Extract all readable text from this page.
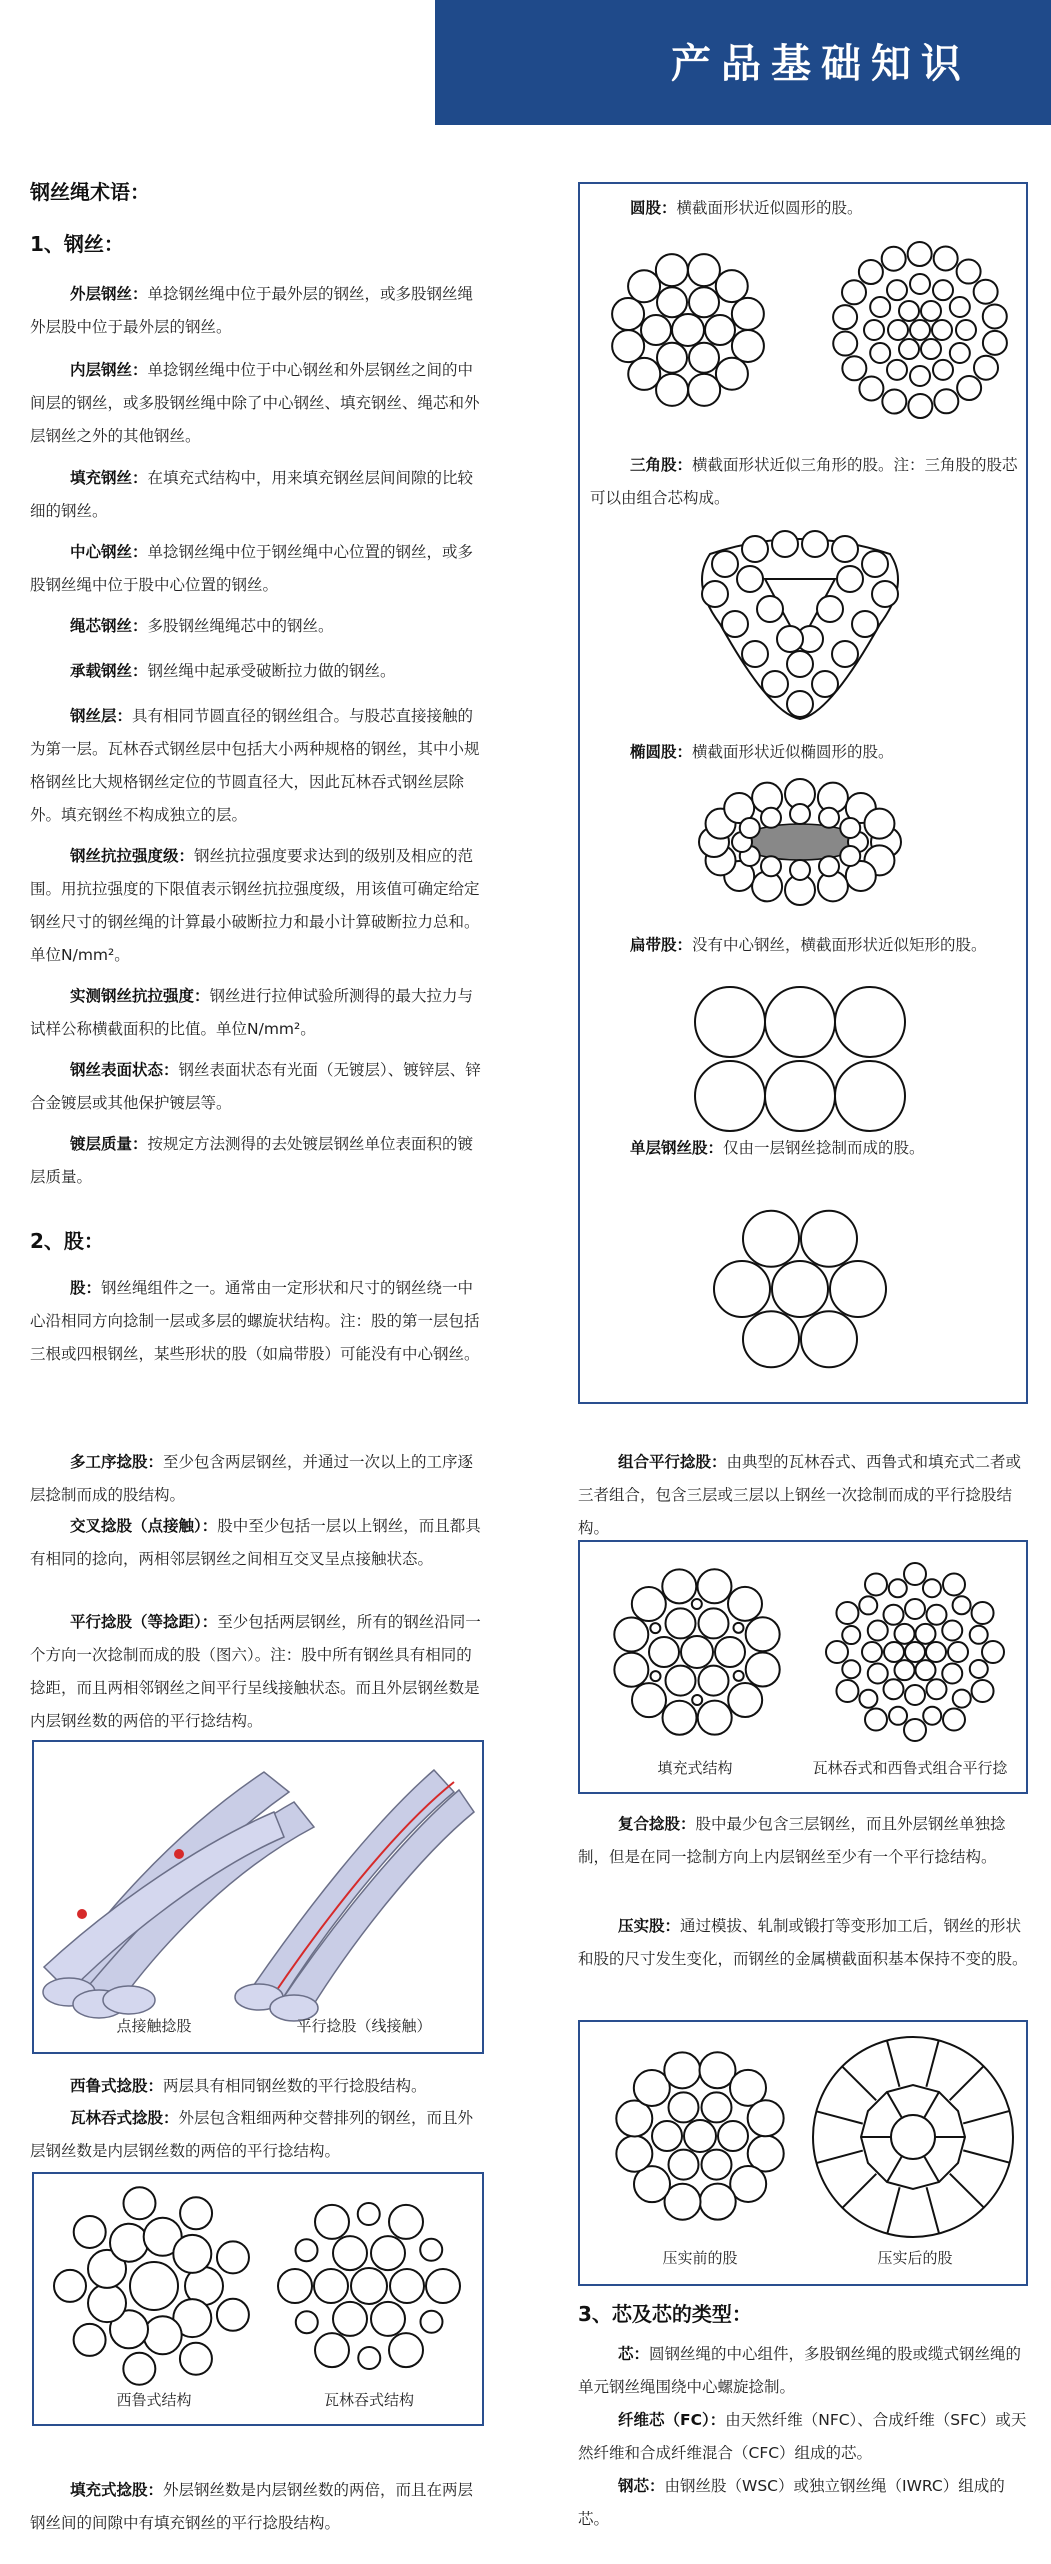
产品基础知识
钢丝绳术语：
1、钢丝：
外层钢丝：单捻钢丝绳中位于最外层的钢丝，或多股钢丝绳外层股中位于最外层的钢丝。
内层钢丝：单捻钢丝绳中位于中心钢丝和外层钢丝之间的中间层的钢丝，或多股钢丝绳中除了中心钢丝、填充钢丝、绳芯和外层钢丝之外的其他钢丝。
填充钢丝：在填充式结构中，用来填充钢丝层间间隙的比较细的钢丝。
中心钢丝：单捻钢丝绳中位于钢丝绳中心位置的钢丝，或多股钢丝绳中位于股中心位置的钢丝。
绳芯钢丝：多股钢丝绳绳芯中的钢丝。
承载钢丝：钢丝绳中起承受破断拉力做的钢丝。
钢丝层：具有相同节圆直径的钢丝组合。与股芯直接接触的为第一层。瓦林吞式钢丝层中包括大小两种规格的钢丝，其中小规格钢丝比大规格钢丝定位的节圆直径大，因此瓦林吞式钢丝层除外。填充钢丝不构成独立的层。
钢丝抗拉强度级：钢丝抗拉强度要求达到的级别及相应的范围。用抗拉强度的下限值表示钢丝抗拉强度级，用该值可确定给定钢丝尺寸的钢丝绳的计算最小破断拉力和最小计算破断拉力总和。单位N/mm²。
实测钢丝抗拉强度：钢丝进行拉伸试验所测得的最大拉力与试样公称横截面积的比值。单位N/mm²。
钢丝表面状态：钢丝表面状态有光面（无镀层）、镀锌层、锌合金镀层或其他保护镀层等。
镀层质量：按规定方法测得的去处镀层钢丝单位表面积的镀层质量。
2、股：
股：钢丝绳组件之一。通常由一定形状和尺寸的钢丝绕一中心沿相同方向捻制一层或多层的螺旋状结构。注：股的第一层包括三根或四根钢丝，某些形状的股（如扁带股）可能没有中心钢丝。
多工序捻股：至少包含两层钢丝，并通过一次以上的工序逐层捻制而成的股结构。
交叉捻股（点接触）：股中至少包括一层以上钢丝，而且都具有相同的捻向，两相邻层钢丝之间相互交叉呈点接触状态。
平行捻股（等捻距）：至少包括两层钢丝，所有的钢丝沿同一个方向一次捻制而成的股（图六）。注：股中所有钢丝具有相同的捻距，而且两相邻钢丝之间平行呈线接触状态。而且外层钢丝数是内层钢丝数的两倍的平行捻结构。
点接触捻股	平行捻股（线接触）
西鲁式捻股：两层具有相同钢丝数的平行捻股结构。
瓦林吞式捻股：外层包含粗细两种交替排列的钢丝，而且外层钢丝数是内层钢丝数的两倍的平行捻结构。
西鲁式结构	瓦林吞式结构
填充式捻股：外层钢丝数是内层钢丝数的两倍，而且在两层钢丝间的间隙中有填充钢丝的平行捻股结构。
圆股：横截面形状近似圆形的股。
三角股：横截面形状近似三角形的股。注：三角股的股芯可以由组合芯构成。
椭圆股：横截面形状近似椭圆形的股。
扁带股：没有中心钢丝，横截面形状近似矩形的股。
单层钢丝股：仅由一层钢丝捻制而成的股。
组合平行捻股：由典型的瓦林吞式、西鲁式和填充式二者或三者组合，包含三层或三层以上钢丝一次捻制而成的平行捻股结构。
填充式结构	瓦林吞式和西鲁式组合平行捻
复合捻股：股中最少包含三层钢丝，而且外层钢丝单独捻制，但是在同一捻制方向上内层钢丝至少有一个平行捻结构。
压实股：通过模拔、轧制或锻打等变形加工后，钢丝的形状和股的尺寸发生变化，而钢丝的金属横截面积基本保持不变的股。
压实前的股	压实后的股
3、芯及芯的类型：
芯：圆钢丝绳的中心组件，多股钢丝绳的股或缆式钢丝绳的单元钢丝绳围绕中心螺旋捻制。
纤维芯（FC）：由天然纤维（NFC）、合成纤维（SFC）或天然纤维和合成纤维混合（CFC）组成的芯。
钢芯：由钢丝股（WSC）或独立钢丝绳（IWRC）组成的芯。
